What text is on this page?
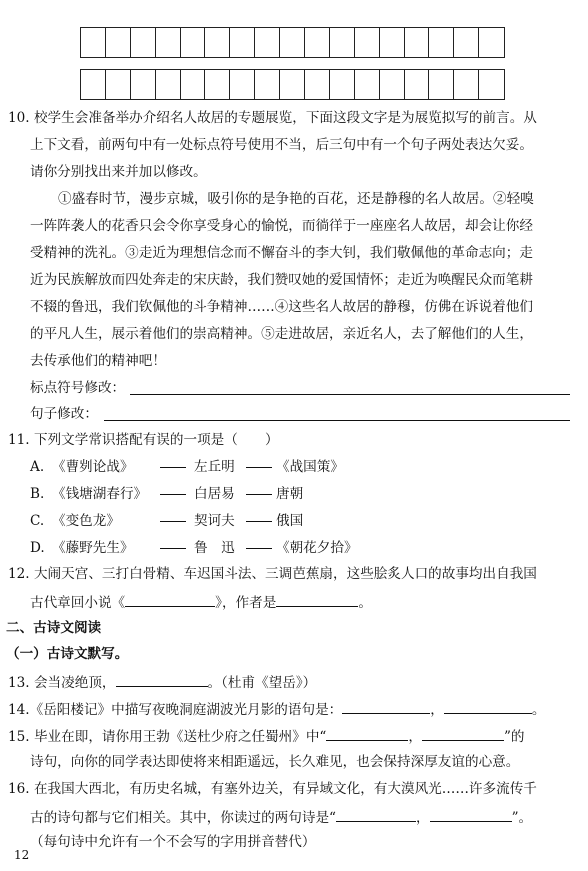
10. 校学生会准备举办介绍名人故居的专题展览，下面这段文字是为展览拟写的前言。从
上下文看，前两句中有一处标点符号使用不当，后三句中有一个句子两处表达欠妥。
请你分别找出来并加以修改。
①盛春时节，漫步京城，吸引你的是争艳的百花，还是静穆的名人故居。②轻嗅
一阵阵袭人的花香只会令你享受身心的愉悦，而徜徉于一座座名人故居，却会让你经
受精神的洗礼。③走近为理想信念而不懈奋斗的李大钊，我们敬佩他的革命志向；走
近为民族解放而四处奔走的宋庆龄，我们赞叹她的爱国情怀；走近为唤醒民众而笔耕
不辍的鲁迅，我们钦佩他的斗争精神……④这些名人故居的静穆，仿佛在诉说着他们
的平凡人生，展示着他们的崇高精神。⑤走进故居，亲近名人，去了解他们的人生，
去传承他们的精神吧！
标点符号修改：
句子修改：
11. 下列文学常识搭配有误的一项是（　　）
A. 《曹刿论战》	左丘明	《战国策》
B. 《钱塘湖春行》	白居易	唐朝
C. 《变色龙》	契诃夫	俄国
D. 《藤野先生》	鲁　迅	《朝花夕拾》
12. 大闹天宫、三打白骨精、车迟国斗法、三调芭蕉扇，这些脍炙人口的故事均出自我国
古代章回小说《	》，作者是	。
二、古诗文阅读
（一）古诗文默写。
13. 会当凌绝顶，	。（杜甫《望岳》）
14.《岳阳楼记》中描写夜晚洞庭湖波光月影的语句是：	，	。
15. 毕业在即，请你用王勃《送杜少府之任蜀州》中“	，	”的
诗句，向你的同学表达即使将来相距遥远，长久难见，也会保持深厚友谊的心意。
16. 在我国大西北，有历史名城，有塞外边关，有异域文化，有大漠风光……许多流传千
古的诗句都与它们相关。其中，你读过的两句诗是“	，	”。
（每句诗中允许有一个不会写的字用拼音替代）
12
